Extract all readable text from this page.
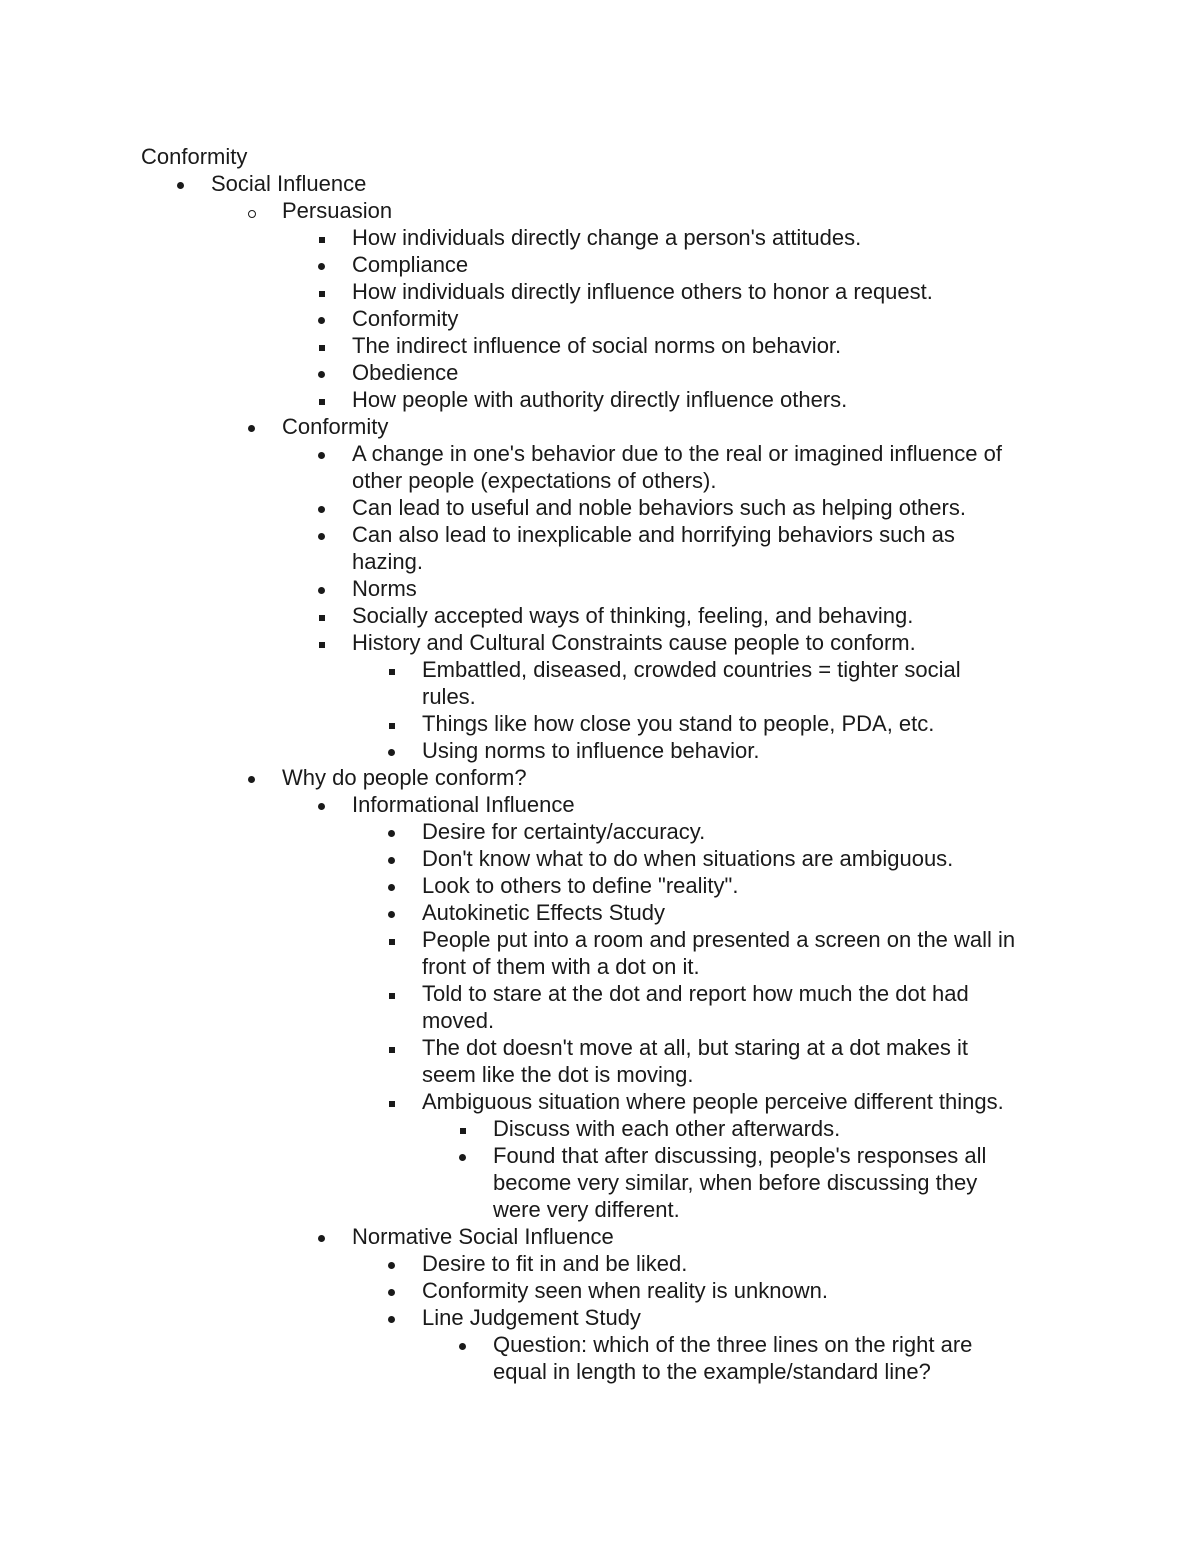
Conformity
Social Influence
Persuasion
How individuals directly change a person's attitudes.
Compliance
How individuals directly influence others to honor a request.
Conformity
The indirect influence of social norms on behavior.
Obedience
How people with authority directly influence others.
Conformity
A change in one's behavior due to the real or imagined influence of
other people (expectations of others).
Can lead to useful and noble behaviors such as helping others.
Can also lead to inexplicable and horrifying behaviors such as
hazing.
Norms
Socially accepted ways of thinking, feeling, and behaving.
History and Cultural Constraints cause people to conform.
Embattled, diseased, crowded countries = tighter social
rules.
Things like how close you stand to people, PDA, etc.
Using norms to influence behavior.
Why do people conform?
Informational Influence
Desire for certainty/accuracy.
Don't know what to do when situations are ambiguous.
Look to others to define "reality".
Autokinetic Effects Study
People put into a room and presented a screen on the wall in
front of them with a dot on it.
Told to stare at the dot and report how much the dot had
moved.
The dot doesn't move at all, but staring at a dot makes it
seem like the dot is moving.
Ambiguous situation where people perceive different things.
Discuss with each other afterwards.
Found that after discussing, people's responses all
become very similar, when before discussing they
were very different.
Normative Social Influence
Desire to fit in and be liked.
Conformity seen when reality is unknown.
Line Judgement Study
Question: which of the three lines on the right are
equal in length to the example/standard line?
